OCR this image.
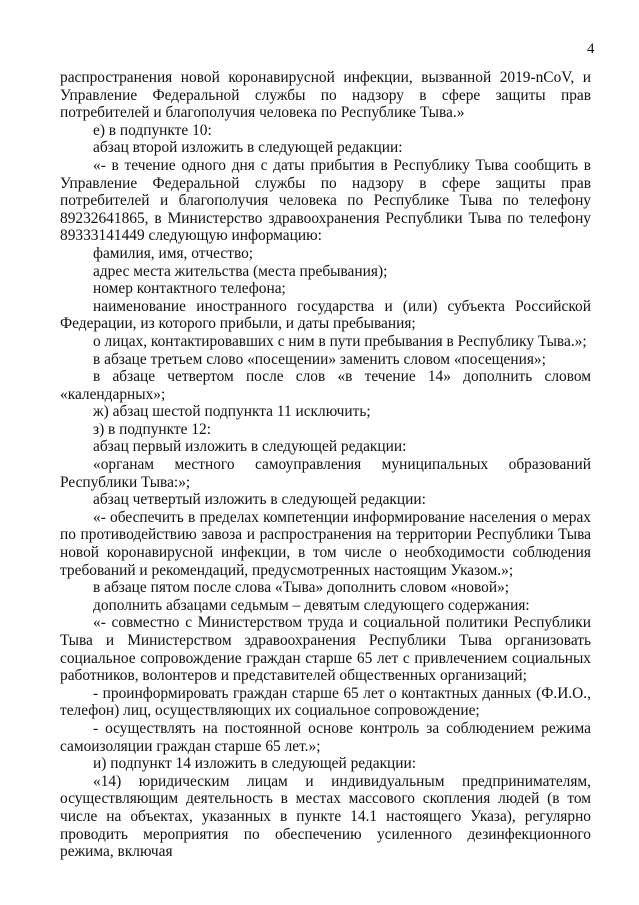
4

распространения новой коронавирусной инфекции, вызванной 2019-nCoV, и Управление Федеральной службы по надзору в сфере защиты прав потребителей и благополучия человека по Республике Тыва.»

е) в подпункте 10:

абзац второй изложить в следующей редакции:

«- в течение одного дня с даты прибытия в Республику Тыва сообщить в Управление Федеральной службы по надзору в сфере защиты прав потребителей и благополучия человека по Республике Тыва по телефону 89232641865, в Министерство здравоохранения Республики Тыва по телефону 89333141449 следующую информацию:

фамилия, имя, отчество;

адрес места жительства (места пребывания);

номер контактного телефона;

наименование иностранного государства и (или) субъекта Российской Федерации, из которого прибыли, и даты пребывания;

о лицах, контактировавших с ним в пути пребывания в Республику Тыва.»;

в абзаце третьем слово «посещении» заменить словом «посещения»;

в абзаце четвертом после слов «в течение 14» дополнить словом «календарных»;

ж) абзац шестой подпункта 11 исключить;

з) в подпункте 12:

абзац первый изложить в следующей редакции:

«органам местного самоуправления муниципальных образований Республики Тыва:»;

абзац четвертый изложить в следующей редакции:

«- обеспечить в пределах компетенции информирование населения о мерах по противодействию завоза и распространения на территории Республики Тыва новой коронавирусной инфекции, в том числе о необходимости соблюдения требований и рекомендаций, предусмотренных настоящим Указом.»;

в абзаце пятом после слова «Тыва» дополнить словом «новой»;

дополнить абзацами седьмым – девятым следующего содержания:

«- совместно с Министерством труда и социальной политики Республики Тыва и Министерством здравоохранения Республики Тыва организовать социальное сопровождение граждан старше 65 лет с привлечением социальных работников, волонтеров и представителей общественных организаций;

- проинформировать граждан старше 65 лет о контактных данных (Ф.И.О., телефон) лиц, осуществляющих их социальное сопровождение;

- осуществлять на постоянной основе контроль за соблюдением режима самоизоляции граждан старше 65 лет.»;

и) подпункт 14 изложить в следующей редакции:

«14) юридическим лицам и индивидуальным предпринимателям, осуществляющим деятельность в местах массового скопления людей (в том числе на объектах, указанных в пункте 14.1 настоящего Указа), регулярно проводить мероприятия по обеспечению усиленного дезинфекционного режима, включая
